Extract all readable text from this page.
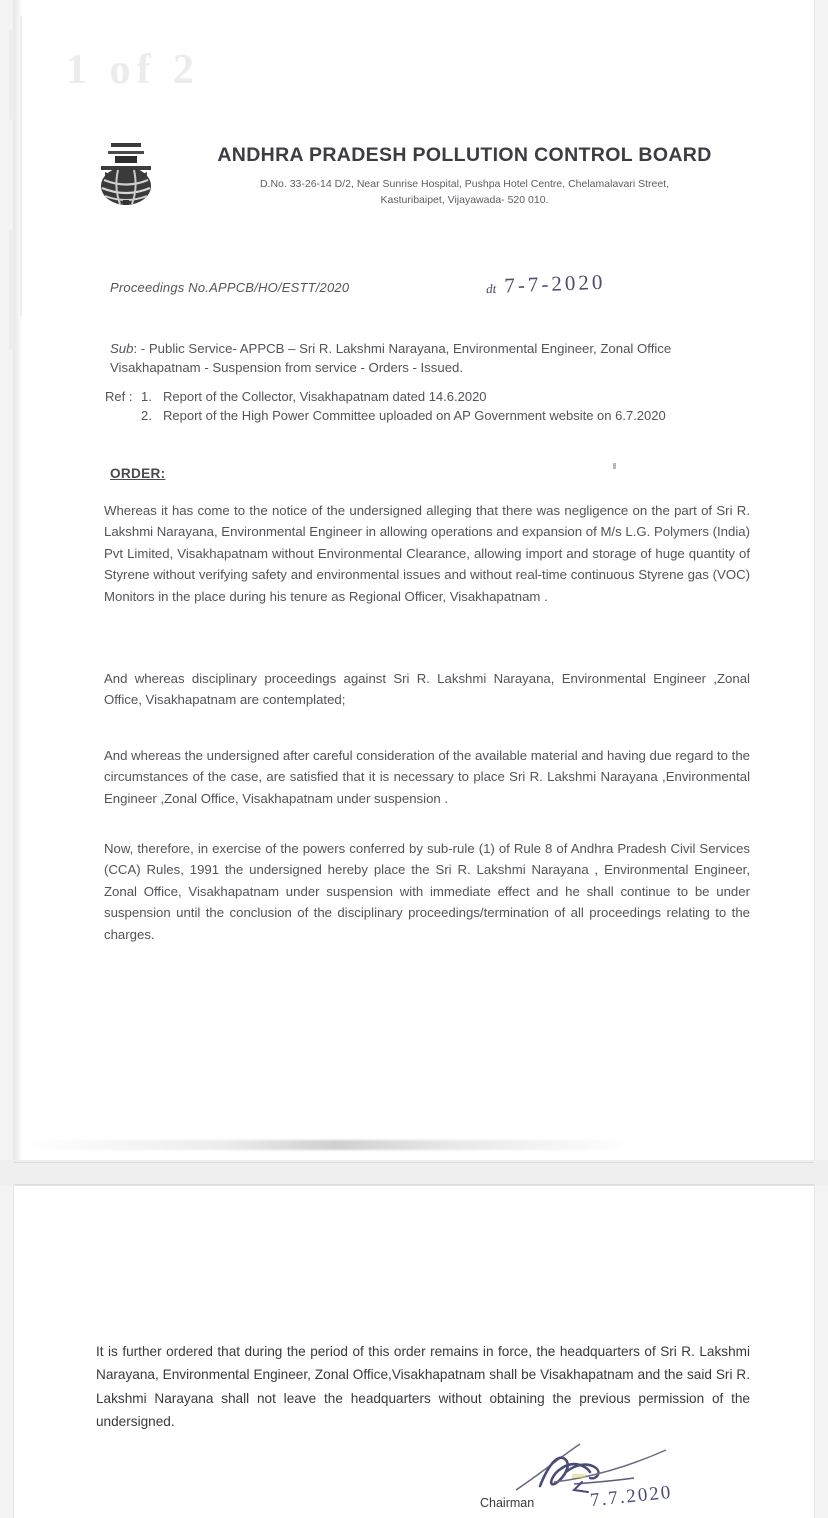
1 of 2
ANDHRA PRADESH POLLUTION CONTROL BOARD
D.No. 33-26-14 D/2, Near Sunrise Hospital, Pushpa Hotel Centre, Chelamalavari Street,
Kasturibaipet, Vijayawada- 520 010.
Proceedings No.APPCB/HO/ESTT/2020	dt 7-7-2020
Sub: - Public Service- APPCB – Sri R. Lakshmi Narayana, Environmental Engineer, Zonal Office Visakhapatnam - Suspension from service - Orders - Issued.
Ref : 1. Report of the Collector, Visakhapatnam dated 14.6.2020
2. Report of the High Power Committee uploaded on AP Government website on 6.7.2020
ORDER:
Whereas it has come to the notice of the undersigned alleging that there was negligence on the part of Sri R. Lakshmi Narayana, Environmental Engineer in allowing operations and expansion of M/s L.G. Polymers (India) Pvt Limited, Visakhapatnam without Environmental Clearance, allowing import and storage of huge quantity of Styrene without verifying safety and environmental issues and without real-time continuous Styrene gas (VOC) Monitors in the place during his tenure as Regional Officer, Visakhapatnam .
And whereas disciplinary proceedings against Sri R. Lakshmi Narayana, Environmental Engineer ,Zonal Office, Visakhapatnam are contemplated;
And whereas the undersigned after careful consideration of the available material and having due regard to the circumstances of the case, are satisfied that it is necessary to place Sri R. Lakshmi Narayana ,Environmental Engineer ,Zonal Office, Visakhapatnam under suspension .
Now, therefore, in exercise of the powers conferred by sub-rule (1) of Rule 8 of Andhra Pradesh Civil Services (CCA) Rules, 1991 the undersigned hereby place the Sri R. Lakshmi Narayana , Environmental Engineer, Zonal Office, Visakhapatnam under suspension with immediate effect and he shall continue to be under suspension until the conclusion of the disciplinary proceedings/termination of all proceedings relating to the charges.
It is further ordered that during the period of this order remains in force, the headquarters of Sri R. Lakshmi Narayana, Environmental Engineer, Zonal Office,Visakhapatnam shall be Visakhapatnam and the said Sri R. Lakshmi Narayana shall not leave the headquarters without obtaining the previous permission of the undersigned.
Chairman	7.7.2020
